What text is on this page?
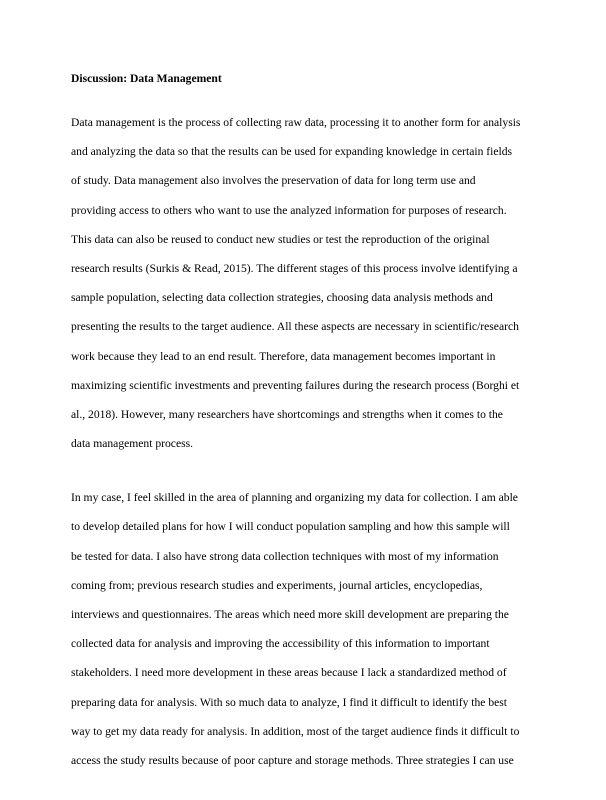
Discussion: Data Management
Data management is the process of collecting raw data, processing it to another form for analysis
and analyzing the data so that the results can be used for expanding knowledge in certain fields
of study. Data management also involves the preservation of data for long term use and
providing access to others who want to use the analyzed information for purposes of research.
This data can also be reused to conduct new studies or test the reproduction of the original
research results (Surkis & Read, 2015). The different stages of this process involve identifying a
sample population, selecting data collection strategies, choosing data analysis methods and
presenting the results to the target audience. All these aspects are necessary in scientific/research
work because they lead to an end result. Therefore, data management becomes important in
maximizing scientific investments and preventing failures during the research process (Borghi et
al., 2018). However, many researchers have shortcomings and strengths when it comes to the
data management process.
In my case, I feel skilled in the area of planning and organizing my data for collection. I am able
to develop detailed plans for how I will conduct population sampling and how this sample will
be tested for data. I also have strong data collection techniques with most of my information
coming from; previous research studies and experiments, journal articles, encyclopedias,
interviews and questionnaires. The areas which need more skill development are preparing the
collected data for analysis and improving the accessibility of this information to important
stakeholders. I need more development in these areas because I lack a standardized method of
preparing data for analysis. With so much data to analyze, I find it difficult to identify the best
way to get my data ready for analysis. In addition, most of the target audience finds it difficult to
access the study results because of poor capture and storage methods. Three strategies I can use
